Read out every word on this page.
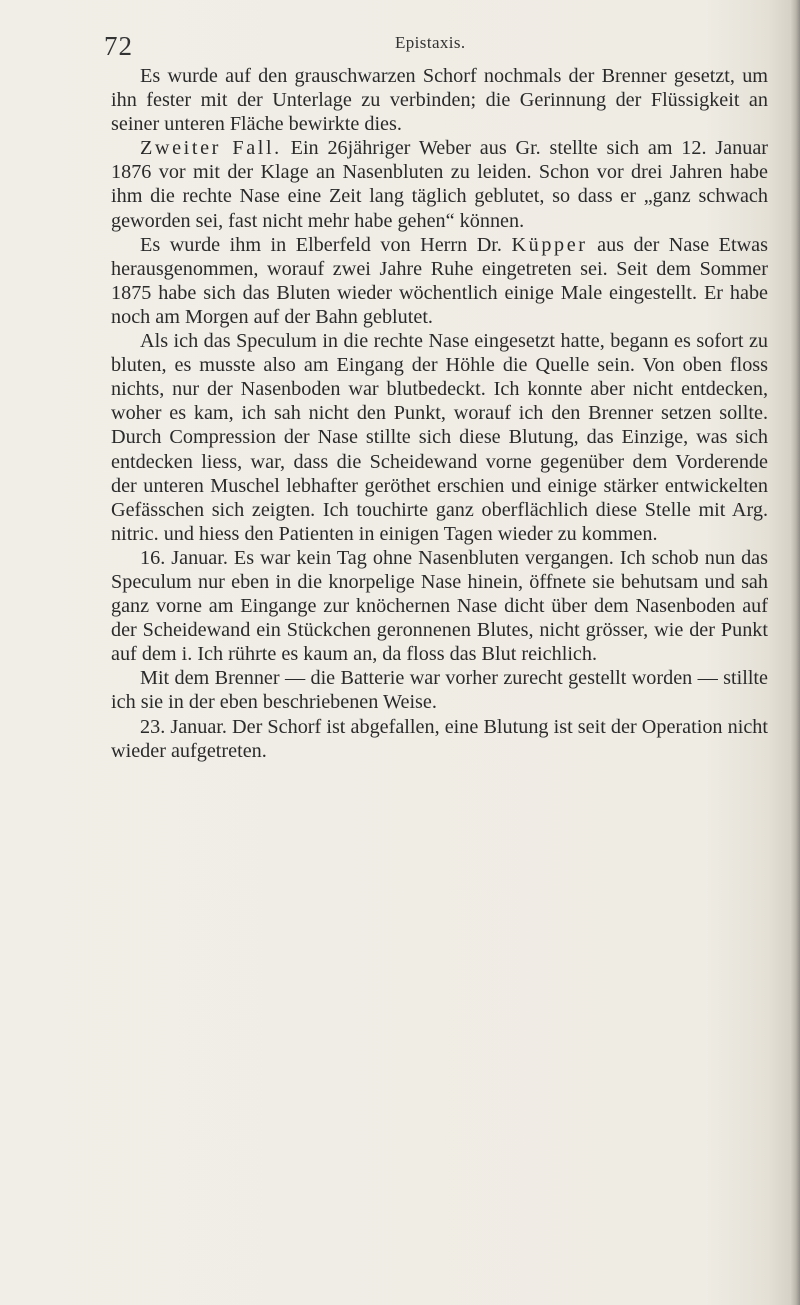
72	Epistaxis.

Es wurde auf den grauschwarzen Schorf nochmals der Brenner gesetzt, um ihn fester mit der Unterlage zu verbinden; die Gerinnung der Flüssigkeit an seiner unteren Fläche bewirkte dies.

Zweiter Fall. Ein 26jähriger Weber aus Gr. stellte sich am 12. Januar 1876 vor mit der Klage an Nasenbluten zu leiden. Schon vor drei Jahren habe ihm die rechte Nase eine Zeit lang täglich geblutet, so dass er „ganz schwach geworden sei, fast nicht mehr habe gehen“ können.

Es wurde ihm in Elberfeld von Herrn Dr. Küpper aus der Nase Etwas herausgenommen, worauf zwei Jahre Ruhe eingetreten sei. Seit dem Sommer 1875 habe sich das Bluten wieder wöchentlich einige Male eingestellt. Er habe noch am Morgen auf der Bahn geblutet.

Als ich das Speculum in die rechte Nase eingesetzt hatte, begann es sofort zu bluten, es musste also am Eingang der Höhle die Quelle sein. Von oben floss nichts, nur der Nasenboden war blutbedeckt. Ich konnte aber nicht entdecken, woher es kam, ich sah nicht den Punkt, worauf ich den Brenner setzen sollte. Durch Compression der Nase stillte sich diese Blutung, das Einzige, was sich entdecken liess, war, dass die Scheidewand vorne gegenüber dem Vorderende der unteren Muschel lebhafter geröthet erschien und einige stärker entwickelten Gefässchen sich zeigten. Ich touchirte ganz oberflächlich diese Stelle mit Arg. nitric. und hiess den Patienten in einigen Tagen wieder zu kommen.

16. Januar. Es war kein Tag ohne Nasenbluten vergangen. Ich schob nun das Speculum nur eben in die knorpelige Nase hinein, öffnete sie behutsam und sah ganz vorne am Eingange zur knöchernen Nase dicht über dem Nasenboden auf der Scheidewand ein Stückchen geronnenen Blutes, nicht grösser, wie der Punkt auf dem i. Ich rührte es kaum an, da floss das Blut reichlich.

Mit dem Brenner — die Batterie war vorher zurecht gestellt worden — stillte ich sie in der eben beschriebenen Weise.

23. Januar. Der Schorf ist abgefallen, eine Blutung ist seit der Operation nicht wieder aufgetreten.
